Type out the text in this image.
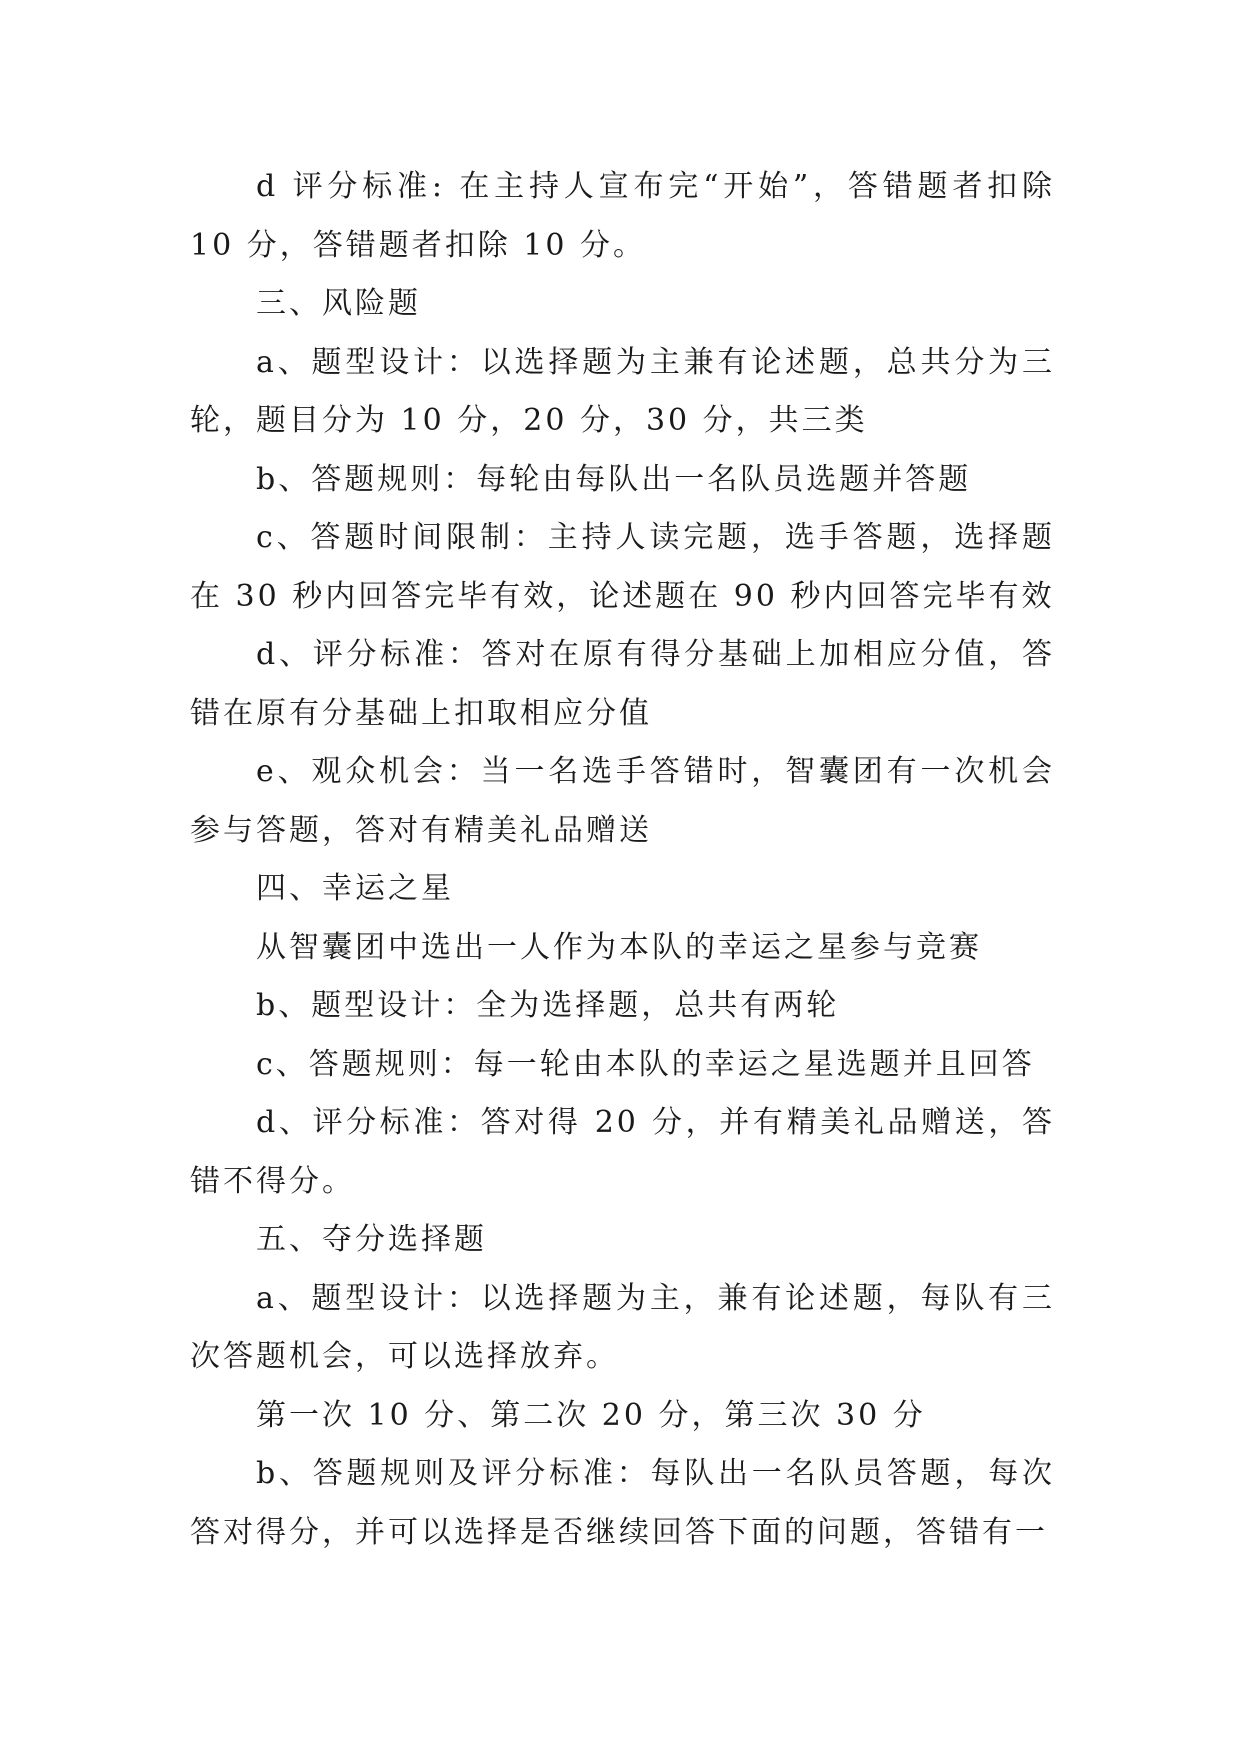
d 评分标准: 在主持人宣布完“开始”，答错题者扣除 10 分，答错题者扣除 10 分。

三、风险题

a、题型设计：以选择题为主兼有论述题，总共分为三轮，题目分为 10 分，20 分，30 分，共三类

b、答题规则：每轮由每队出一名队员选题并答题

c、答题时间限制：主持人读完题，选手答题，选择题在 30 秒内回答完毕有效，论述题在 90 秒内回答完毕有效

d、评分标准：答对在原有得分基础上加相应分值，答错在原有分基础上扣取相应分值

e、观众机会：当一名选手答错时，智囊团有一次机会参与答题，答对有精美礼品赠送

四、幸运之星

从智囊团中选出一人作为本队的幸运之星参与竞赛

b、题型设计：全为选择题，总共有两轮

c、答题规则：每一轮由本队的幸运之星选题并且回答

d、评分标准：答对得 20 分，并有精美礼品赠送，答错不得分。

五、夺分选择题

a、题型设计：以选择题为主，兼有论述题，每队有三次答题机会，可以选择放弃。

第一次 10 分、第二次 20 分，第三次 30 分

b、答题规则及评分标准：每队出一名队员答题，每次答对得分，并可以选择是否继续回答下面的问题，答错有一
